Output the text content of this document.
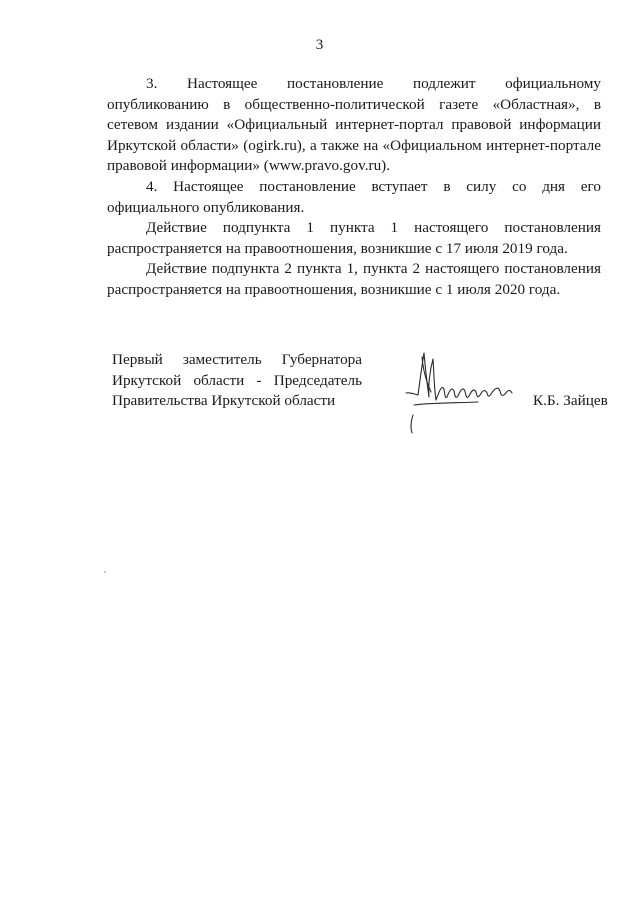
3

3. Настоящее постановление подлежит официальному опубликованию в общественно-политической газете «Областная», в сетевом издании «Официальный интернет-портал правовой информации Иркутской области» (ogirk.ru), а также на «Официальном интернет-портале правовой информации» (www.pravo.gov.ru).

4. Настоящее постановление вступает в силу со дня его официального опубликования.

Действие подпункта 1 пункта 1 настоящего постановления распространяется на правоотношения, возникшие с 17 июля 2019 года.

Действие подпункта 2 пункта 1, пункта 2 настоящего постановления распространяется на правоотношения, возникшие с 1 июля 2020 года.

Первый заместитель Губернатора
Иркутской области - Председатель
Правительства Иркутской области	К.Б. Зайцев
